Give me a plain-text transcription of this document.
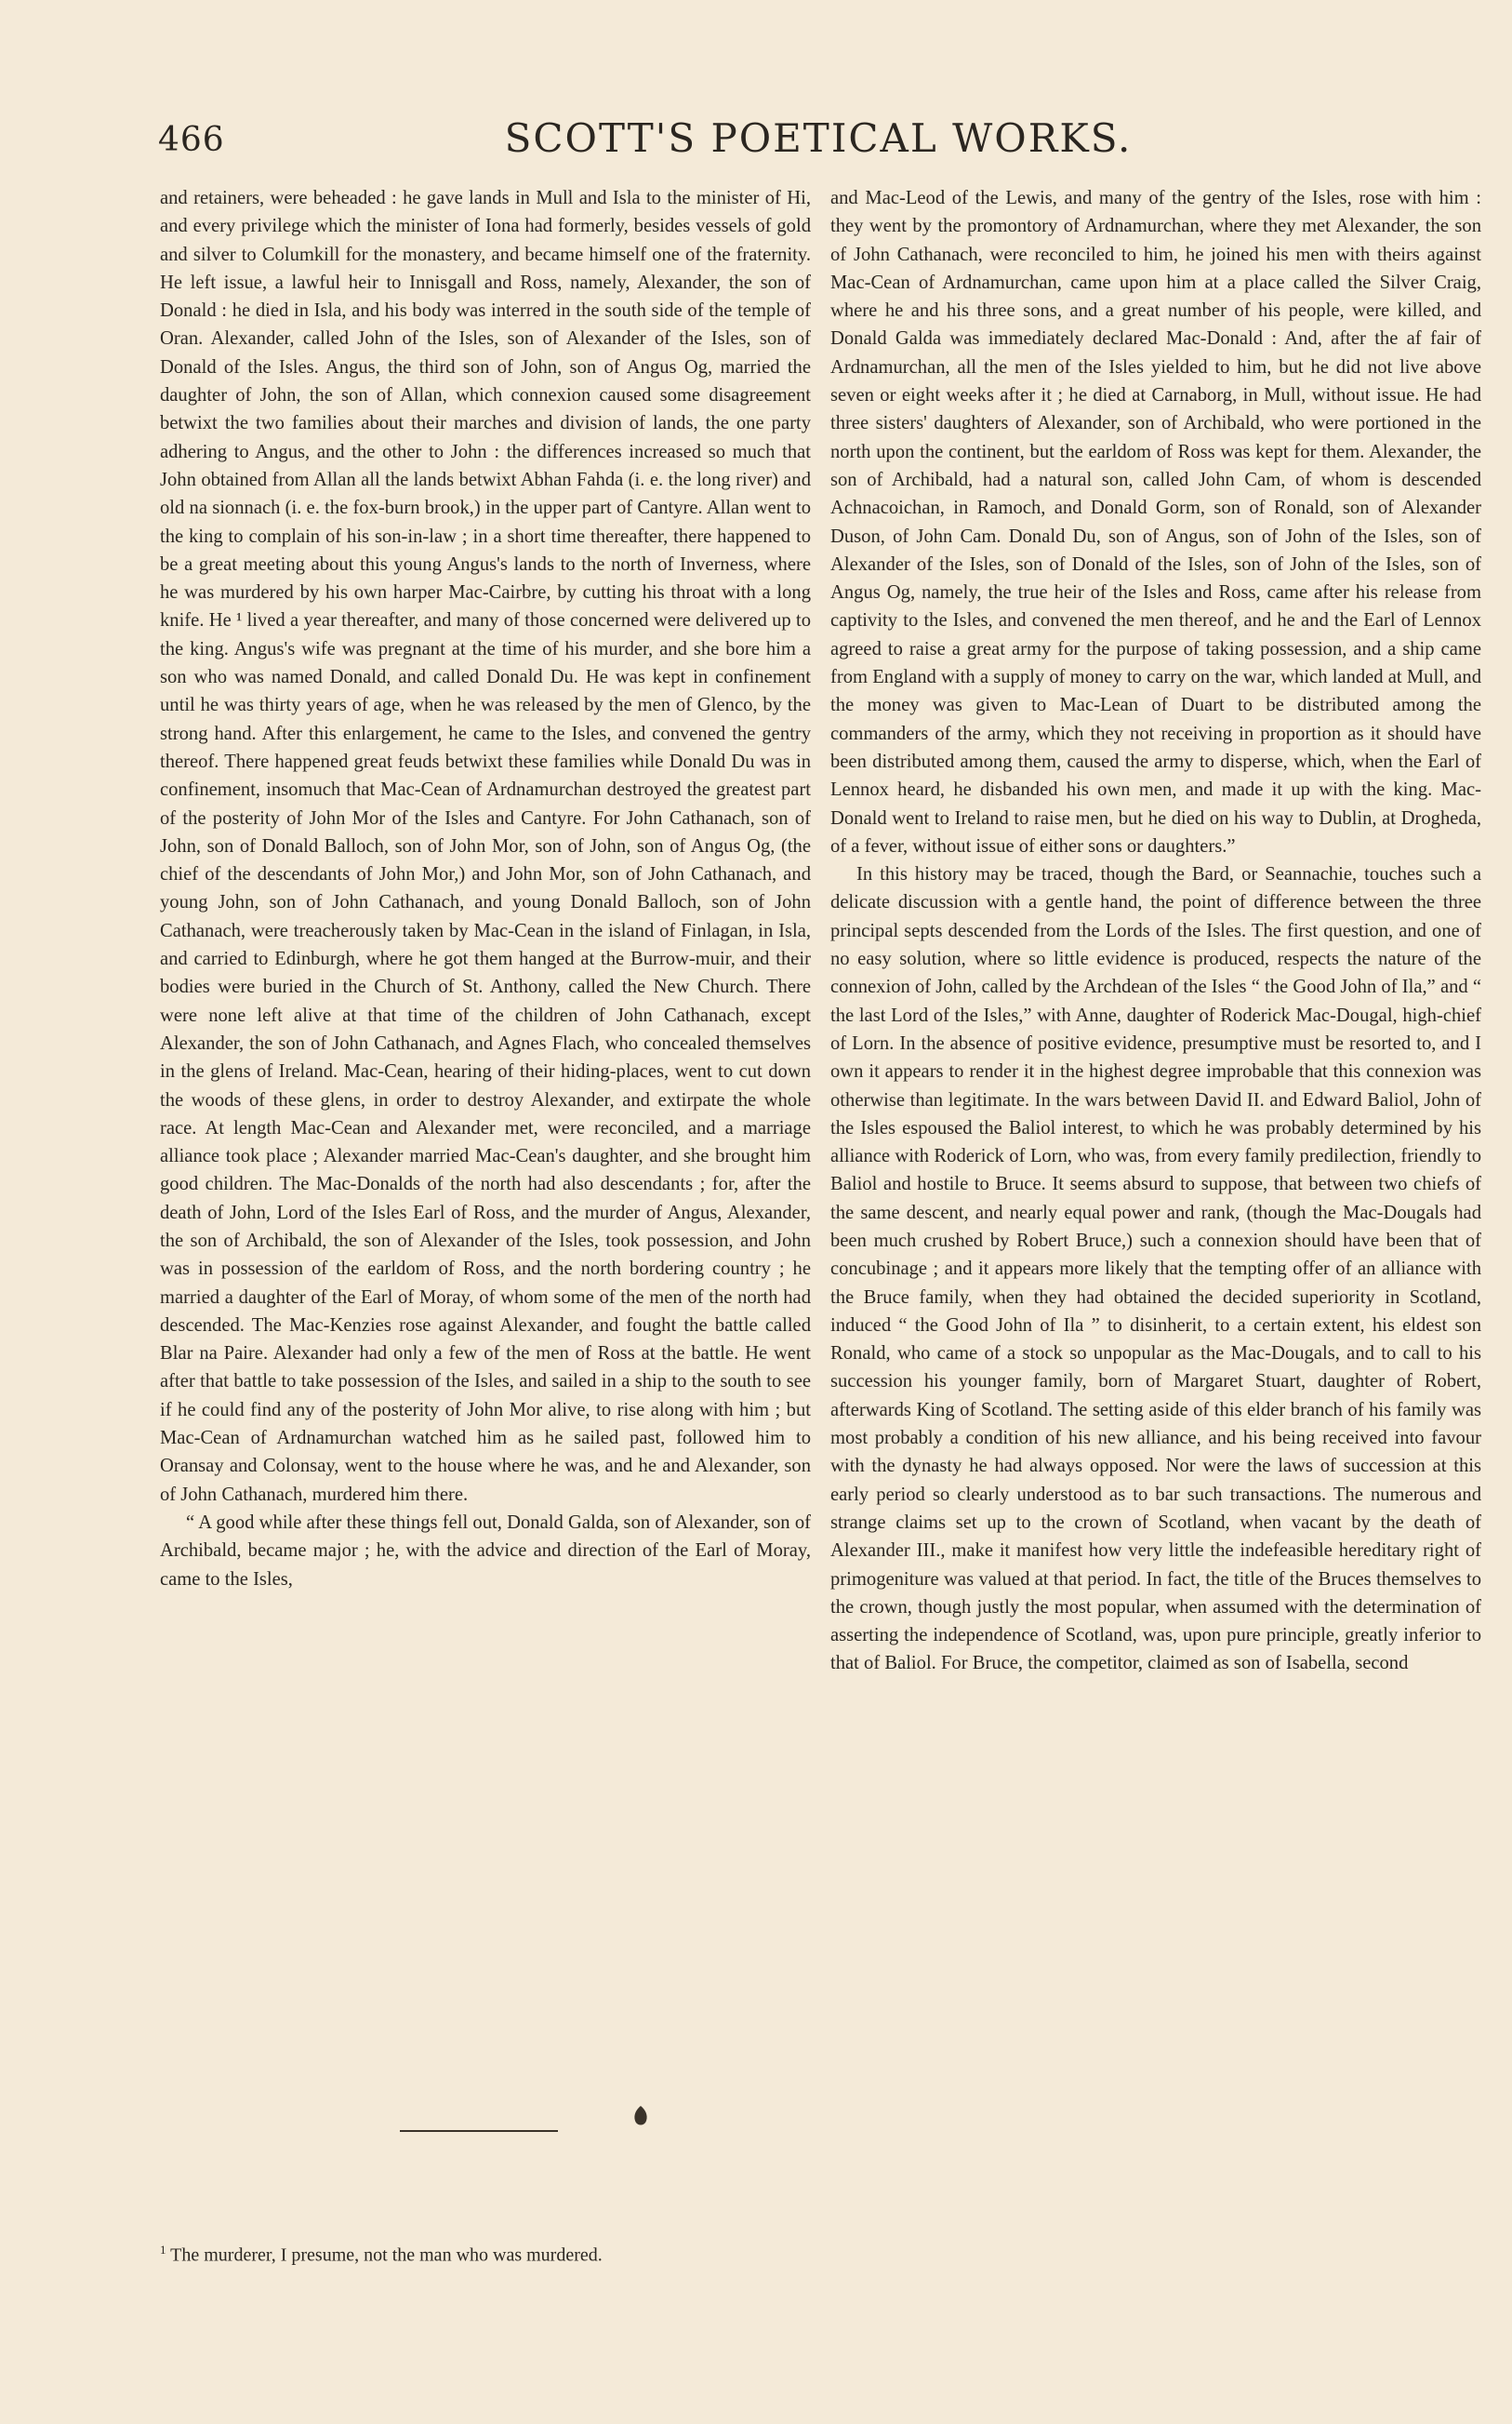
466	SCOTT'S POETICAL WORKS.

and retainers, were beheaded : he gave lands in Mull and Isla to the minister of Hi, and every privilege which the minister of Iona had formerly, besides vessels of gold and silver to Columkill for the monastery, and became himself one of the fraternity. He left issue, a lawful heir to Innisgall and Ross, namely, Alexander, the son of Donald : he died in Isla, and his body was interred in the south side of the temple of Oran. Alexander, called John of the Isles, son of Alexander of the Isles, son of Donald of the Isles. Angus, the third son of John, son of Angus Og, married the daughter of John, the son of Allan, which connexion caused some disagreement betwixt the two families about their marches and division of lands, the one party adhering to Angus, and the other to John : the differences increased so much that John obtained from Allan all the lands betwixt Abhan Fahda (i. e. the long river) and old na sionnach (i. e. the fox-burn brook,) in the upper part of Cantyre. Allan went to the king to complain of his son-in-law ; in a short time thereafter, there happened to be a great meeting about this young Angus's lands to the north of Inverness, where he was murdered by his own harper Mac-Cairbre, by cutting his throat with a long knife. He ¹ lived a year thereafter, and many of those concerned were delivered up to the king. Angus's wife was pregnant at the time of his murder, and she bore him a son who was named Donald, and called Donald Du. He was kept in confinement until he was thirty years of age, when he was released by the men of Glenco, by the strong hand. After this enlargement, he came to the Isles, and convened the gentry thereof. There happened great feuds betwixt these families while Donald Du was in confinement, insomuch that Mac-Cean of Ardnamurchan destroyed the greatest part of the posterity of John Mor of the Isles and Cantyre. For John Cathanach, son of John, son of Donald Balloch, son of John Mor, son of John, son of Angus Og, (the chief of the descendants of John Mor,) and John Mor, son of John Cathanach, and young John, son of John Cathanach, and young Donald Balloch, son of John Cathanach, were treacherously taken by Mac-Cean in the island of Finlagan, in Isla, and carried to Edinburgh, where he got them hanged at the Burrow-muir, and their bodies were buried in the Church of St. Anthony, called the New Church. There were none left alive at that time of the children of John Cathanach, except Alexander, the son of John Cathanach, and Agnes Flach, who concealed themselves in the glens of Ireland. Mac-Cean, hearing of their hiding-places, went to cut down the woods of these glens, in order to destroy Alexander, and extirpate the whole race. At length Mac-Cean and Alexander met, were reconciled, and a marriage alliance took place ; Alexander married Mac-Cean's daughter, and she brought him good children. The Mac-Donalds of the north had also descendants ; for, after the death of John, Lord of the Isles Earl of Ross, and the murder of Angus, Alexander, the son of Archibald, the son of Alexander of the Isles, took possession, and John was in possession of the earldom of Ross, and the north bordering country ; he married a daughter of the Earl of Moray, of whom some of the men of the north had descended. The Mac-Kenzies rose against Alexander, and fought the battle called Blar na Paire. Alexander had only a few of the men of Ross at the battle. He went after that battle to take possession of the Isles, and sailed in a ship to the south to see if he could find any of the posterity of John Mor alive, to rise along with him ; but Mac-Cean of Ardnamurchan watched him as he sailed past, followed him to Oransay and Colonsay, went to the house where he was, and he and Alexander, son of John Cathanach, murdered him there.

“ A good while after these things fell out, Donald Galda, son of Alexander, son of Archibald, became major ; he, with the advice and direction of the Earl of Moray, came to the Isles,

and Mac-Leod of the Lewis, and many of the gentry of the Isles, rose with him : they went by the promontory of Ardnamurchan, where they met Alexander, the son of John Cathanach, were reconciled to him, he joined his men with theirs against Mac-Cean of Ardnamurchan, came upon him at a place called the Silver Craig, where he and his three sons, and a great number of his people, were killed, and Donald Galda was immediately declared Mac-Donald : And, after the af fair of Ardnamurchan, all the men of the Isles yielded to him, but he did not live above seven or eight weeks after it ; he died at Carnaborg, in Mull, without issue. He had three sisters' daughters of Alexander, son of Archibald, who were portioned in the north upon the continent, but the earldom of Ross was kept for them. Alexander, the son of Archibald, had a natural son, called John Cam, of whom is descended Achnacoichan, in Ramoch, and Donald Gorm, son of Ronald, son of Alexander Duson, of John Cam. Donald Du, son of Angus, son of John of the Isles, son of Alexander of the Isles, son of Donald of the Isles, son of John of the Isles, son of Angus Og, namely, the true heir of the Isles and Ross, came after his release from captivity to the Isles, and convened the men thereof, and he and the Earl of Lennox agreed to raise a great army for the purpose of taking possession, and a ship came from England with a supply of money to carry on the war, which landed at Mull, and the money was given to Mac-Lean of Duart to be distributed among the commanders of the army, which they not receiving in proportion as it should have been distributed among them, caused the army to disperse, which, when the Earl of Lennox heard, he disbanded his own men, and made it up with the king. Mac-Donald went to Ireland to raise men, but he died on his way to Dublin, at Drogheda, of a fever, without issue of either sons or daughters.”

In this history may be traced, though the Bard, or Seannachie, touches such a delicate discussion with a gentle hand, the point of difference between the three principal septs descended from the Lords of the Isles. The first question, and one of no easy solution, where so little evidence is produced, respects the nature of the connexion of John, called by the Archdean of the Isles “ the Good John of Ila,” and “ the last Lord of the Isles,” with Anne, daughter of Roderick Mac-Dougal, high-chief of Lorn. In the absence of positive evidence, presumptive must be resorted to, and I own it appears to render it in the highest degree improbable that this connexion was otherwise than legitimate. In the wars between David II. and Edward Baliol, John of the Isles espoused the Baliol interest, to which he was probably determined by his alliance with Roderick of Lorn, who was, from every family predilection, friendly to Baliol and hostile to Bruce. It seems absurd to suppose, that between two chiefs of the same descent, and nearly equal power and rank, (though the Mac-Dougals had been much crushed by Robert Bruce,) such a connexion should have been that of concubinage ; and it appears more likely that the tempting offer of an alliance with the Bruce family, when they had obtained the decided superiority in Scotland, induced “ the Good John of Ila ” to disinherit, to a certain extent, his eldest son Ronald, who came of a stock so unpopular as the Mac-Dougals, and to call to his succession his younger family, born of Margaret Stuart, daughter of Robert, afterwards King of Scotland. The setting aside of this elder branch of his family was most probably a condition of his new alliance, and his being received into favour with the dynasty he had always opposed. Nor were the laws of succession at this early period so clearly understood as to bar such transactions. The numerous and strange claims set up to the crown of Scotland, when vacant by the death of Alexander III., make it manifest how very little the indefeasible hereditary right of primogeniture was valued at that period. In fact, the title of the Bruces themselves to the crown, though justly the most popular, when assumed with the determination of asserting the independence of Scotland, was, upon pure principle, greatly inferior to that of Baliol. For Bruce, the competitor, claimed as son of Isabella, second

$^1$ The murderer, I presume, not the man who was murdered.
